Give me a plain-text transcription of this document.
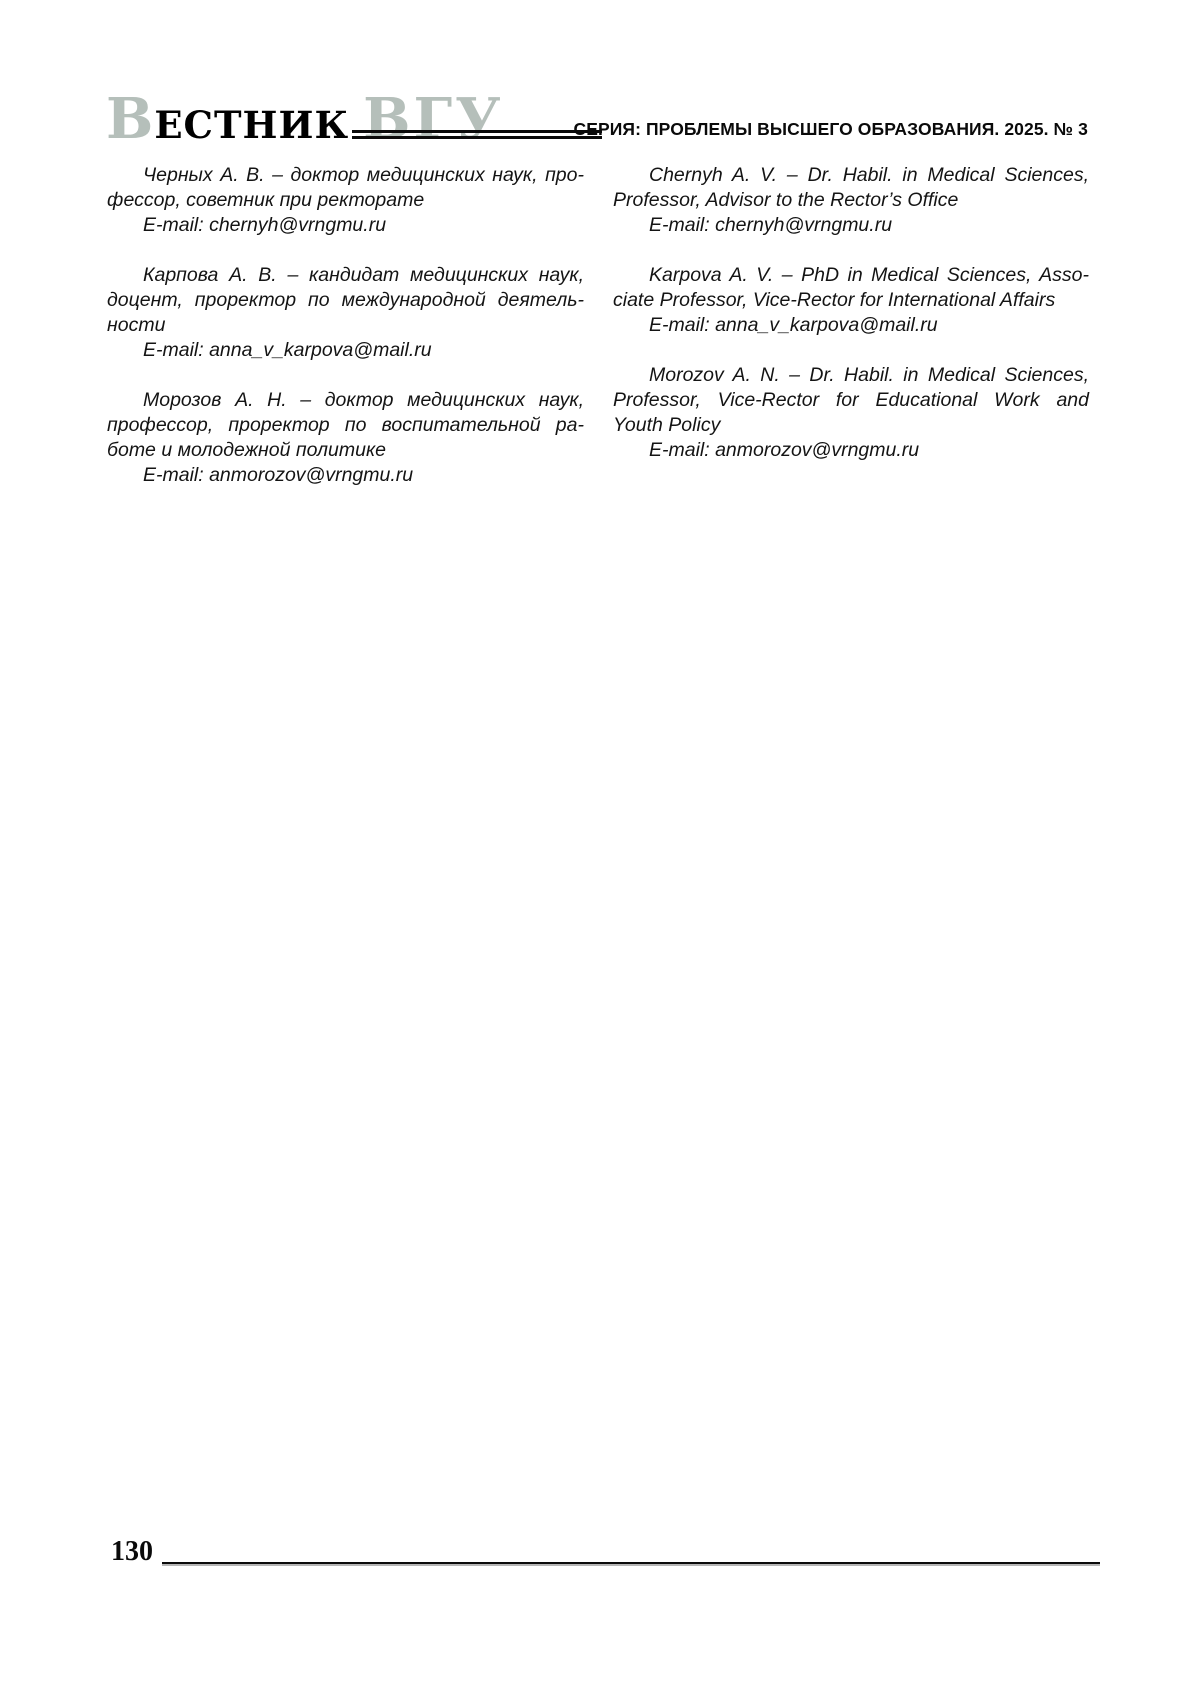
В ЕСТНИК ВГУ	СЕРИЯ: ПРОБЛЕМЫ ВЫСШЕГО ОБРАЗОВАНИЯ. 2025. № 3
Черных А. В. – доктор медицинских наук, про-
фессор, советник при ректорате
E-mail: chernyh@vrngmu.ru
Карпова А. В. – кандидат медицинских наук,
доцент, проректор по международной деятель-
ности
E-mail: anna_v_karpova@mail.ru
Морозов А. Н. – доктор медицинских наук,
профессор, проректор по воспитательной ра-
боте и молодежной политике
E-mail: anmorozov@vrngmu.ru
Chernyh A. V. – Dr. Habil. in Medical Sciences,
Professor, Advisor to the Rector’s Office
E-mail: chernyh@vrngmu.ru
Karpova A. V. – PhD in Medical Sciences, Asso-
ciate Professor, Vice-Rector for International Affairs
E-mail: anna_v_karpova@mail.ru
Morozov A. N. – Dr. Habil. in Medical Sciences,
Professor, Vice-Rector for Educational Work and
Youth Policy
E-mail: anmorozov@vrngmu.ru
130
